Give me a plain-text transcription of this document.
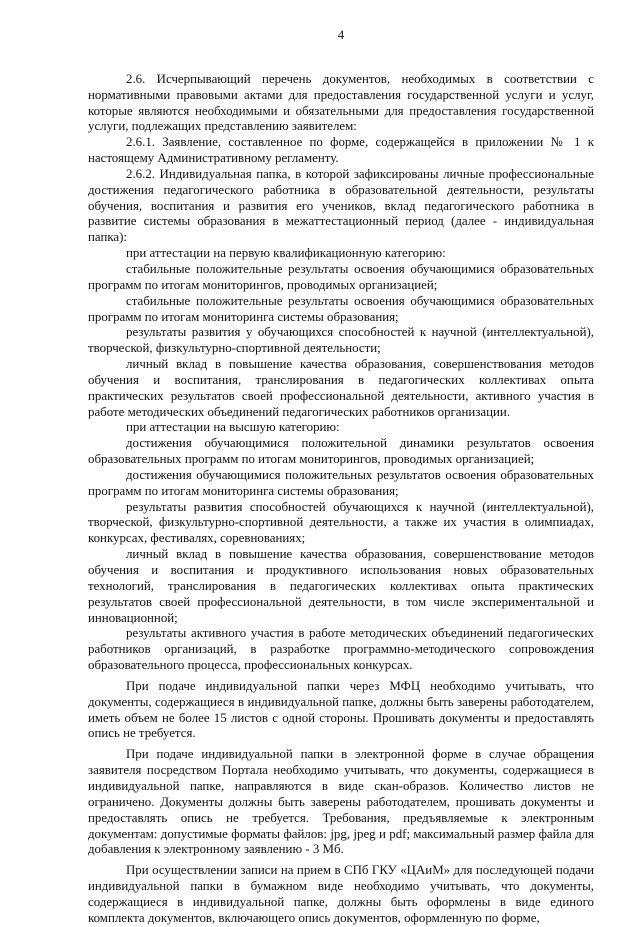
4

2.6. Исчерпывающий перечень документов, необходимых в соответствии с нормативными правовыми актами для предоставления государственной услуги и услуг, которые являются необходимыми и обязательными для предоставления государственной услуги, подлежащих представлению заявителем:

2.6.1. Заявление, составленное по форме, содержащейся в приложении № 1 к настоящему Административному регламенту.

2.6.2. Индивидуальная папка, в которой зафиксированы личные профессиональные достижения педагогического работника в образовательной деятельности, результаты обучения, воспитания и развития его учеников, вклад педагогического работника в развитие системы образования в межаттестационный период (далее - индивидуальная папка):

при аттестации на первую квалификационную категорию:

стабильные положительные результаты освоения обучающимися образовательных программ по итогам мониторингов, проводимых организацией;

стабильные положительные результаты освоения обучающимися образовательных программ по итогам мониторинга системы образования;

результаты развития у обучающихся способностей к научной (интеллектуальной), творческой, физкультурно-спортивной деятельности;

личный вклад в повышение качества образования, совершенствования методов обучения и воспитания, транслирования в педагогических коллективах опыта практических результатов своей профессиональной деятельности, активного участия в работе методических объединений педагогических работников организации.

при аттестации на высшую категорию:

достижения обучающимися положительной динамики результатов освоения образовательных программ по итогам мониторингов, проводимых организацией;

достижения обучающимися положительных результатов освоения образовательных программ по итогам мониторинга системы образования;

результаты развития способностей обучающихся к научной (интеллектуальной), творческой, физкультурно-спортивной деятельности, а также их участия в олимпиадах, конкурсах, фестивалях, соревнованиях;

личный вклад в повышение качества образования, совершенствование методов обучения и воспитания и продуктивного использования новых образовательных технологий, транслирования в педагогических коллективах опыта практических результатов своей профессиональной деятельности, в том числе экспериментальной и инновационной;

результаты активного участия в работе методических объединений педагогических работников организаций, в разработке программно-методического сопровождения образовательного процесса, профессиональных конкурсах.

При подаче индивидуальной папки через МФЦ необходимо учитывать, что документы, содержащиеся в индивидуальной папке, должны быть заверены работодателем, иметь объем не более 15 листов с одной стороны. Прошивать документы и предоставлять опись не требуется.

При подаче индивидуальной папки в электронной форме в случае обращения заявителя посредством Портала необходимо учитывать, что документы, содержащиеся в индивидуальной папке, направляются в виде скан-образов. Количество листов не ограничено. Документы должны быть заверены работодателем, прошивать документы и предоставлять опись не требуется. Требования, предъявляемые к электронным документам: допустимые форматы файлов: jpg, jpeg и pdf; максимальный размер файла для добавления к электронному заявлению - 3 Мб.

При осуществлении записи на прием в СПб ГКУ «ЦАиМ» для последующей подачи индивидуальной папки в бумажном виде необходимо учитывать, что документы, содержащиеся в индивидуальной папке, должны быть оформлены в виде единого комплекта документов, включающего опись документов, оформленную по форме,
